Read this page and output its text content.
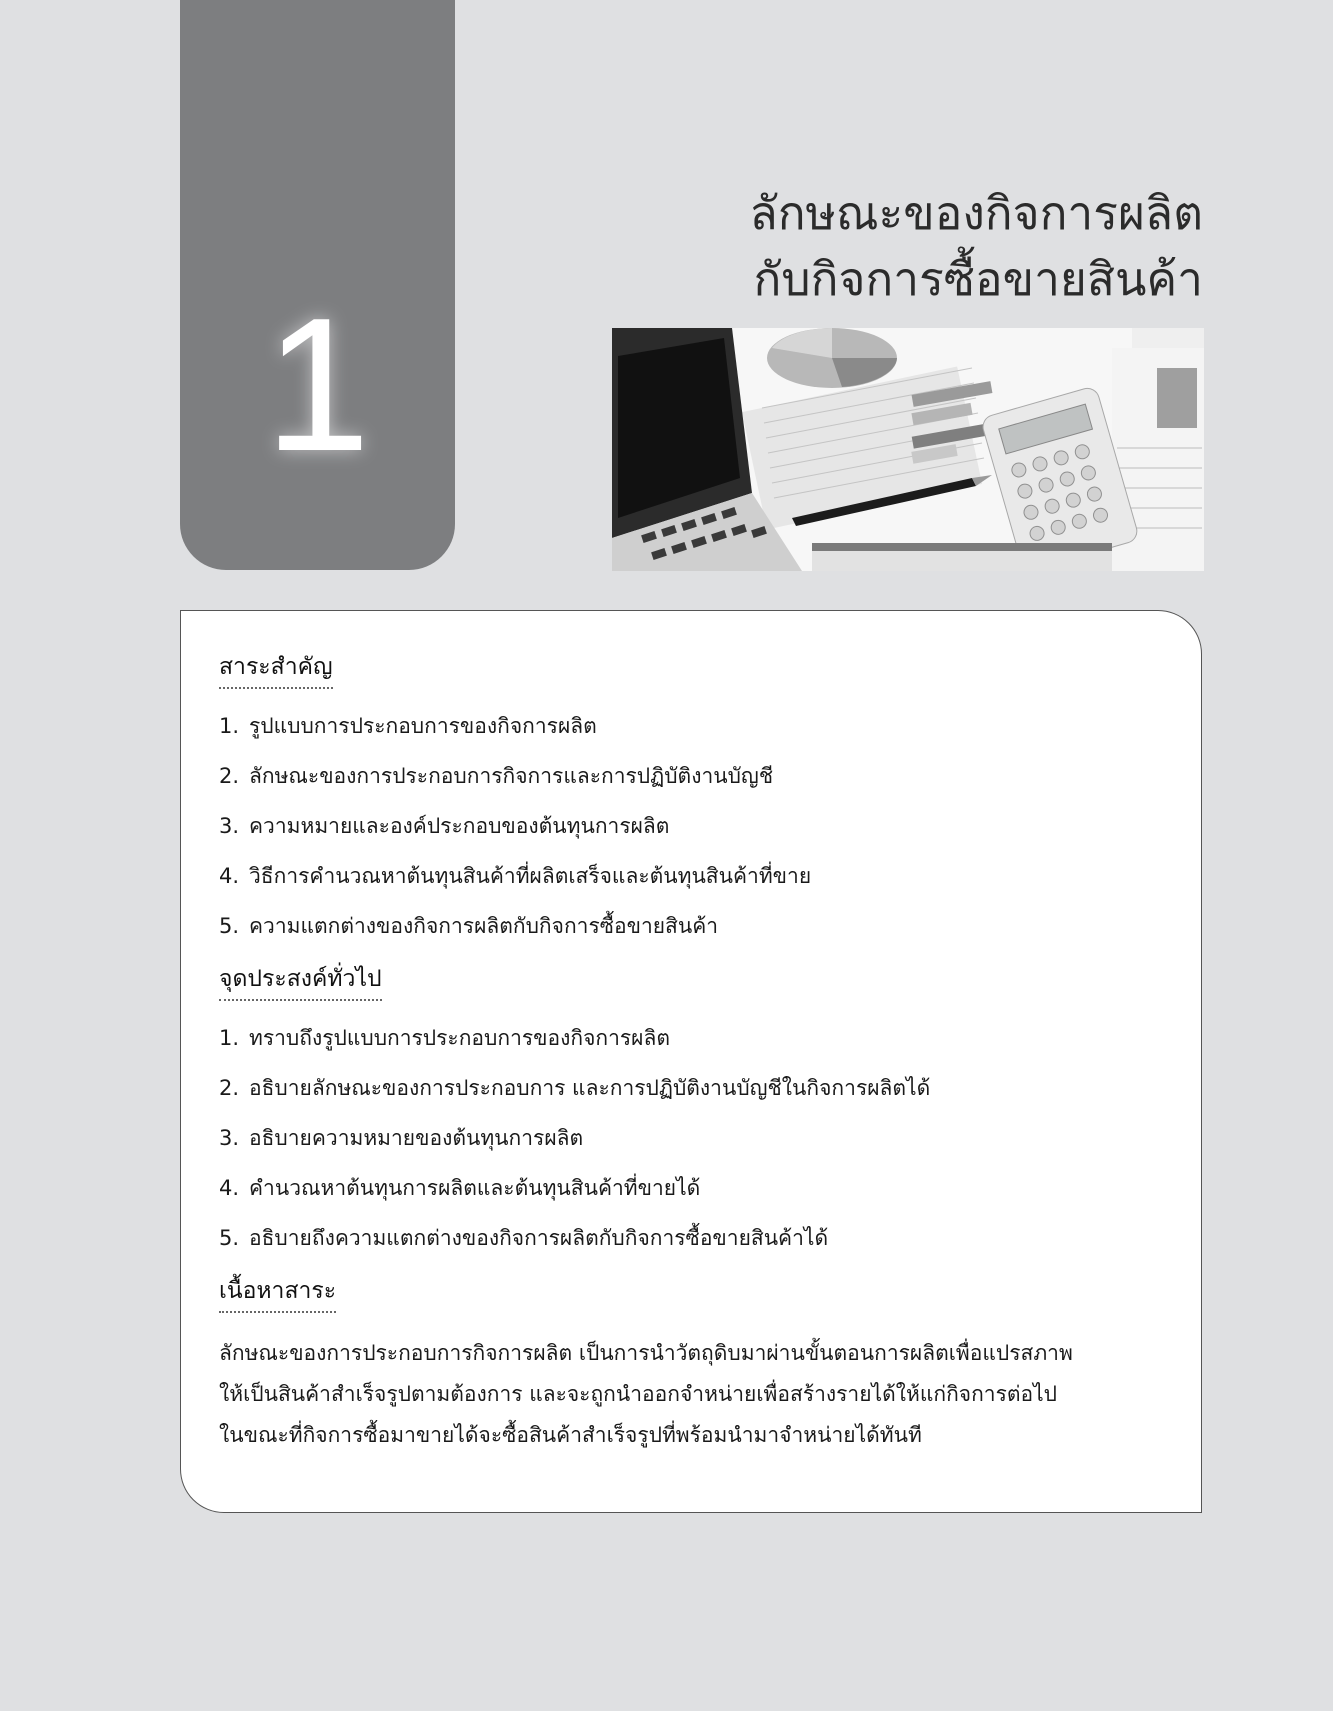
1
ลักษณะของกิจการผลิต
กับกิจการซื้อขายสินค้า
สาระสำคัญ
1. รูปแบบการประกอบการของกิจการผลิต
2. ลักษณะของการประกอบการกิจการและการปฏิบัติงานบัญชี
3. ความหมายและองค์ประกอบของต้นทุนการผลิต
4. วิธีการคำนวณหาต้นทุนสินค้าที่ผลิตเสร็จและต้นทุนสินค้าที่ขาย
5. ความแตกต่างของกิจการผลิตกับกิจการซื้อขายสินค้า
จุดประสงค์ทั่วไป
1. ทราบถึงรูปแบบการประกอบการของกิจการผลิต
2. อธิบายลักษณะของการประกอบการ และการปฏิบัติงานบัญชีในกิจการผลิตได้
3. อธิบายความหมายของต้นทุนการผลิต
4. คำนวณหาต้นทุนการผลิตและต้นทุนสินค้าที่ขายได้
5. อธิบายถึงความแตกต่างของกิจการผลิตกับกิจการซื้อขายสินค้าได้
เนื้อหาสาระ
ลักษณะของการประกอบการกิจการผลิต เป็นการนำวัตถุดิบมาผ่านขั้นตอนการผลิตเพื่อแปรสภาพ
ให้เป็นสินค้าสำเร็จรูปตามต้องการ และจะถูกนำออกจำหน่ายเพื่อสร้างรายได้ให้แก่กิจการต่อไป
ในขณะที่กิจการซื้อมาขายได้จะซื้อสินค้าสำเร็จรูปที่พร้อมนำมาจำหน่ายได้ทันที
